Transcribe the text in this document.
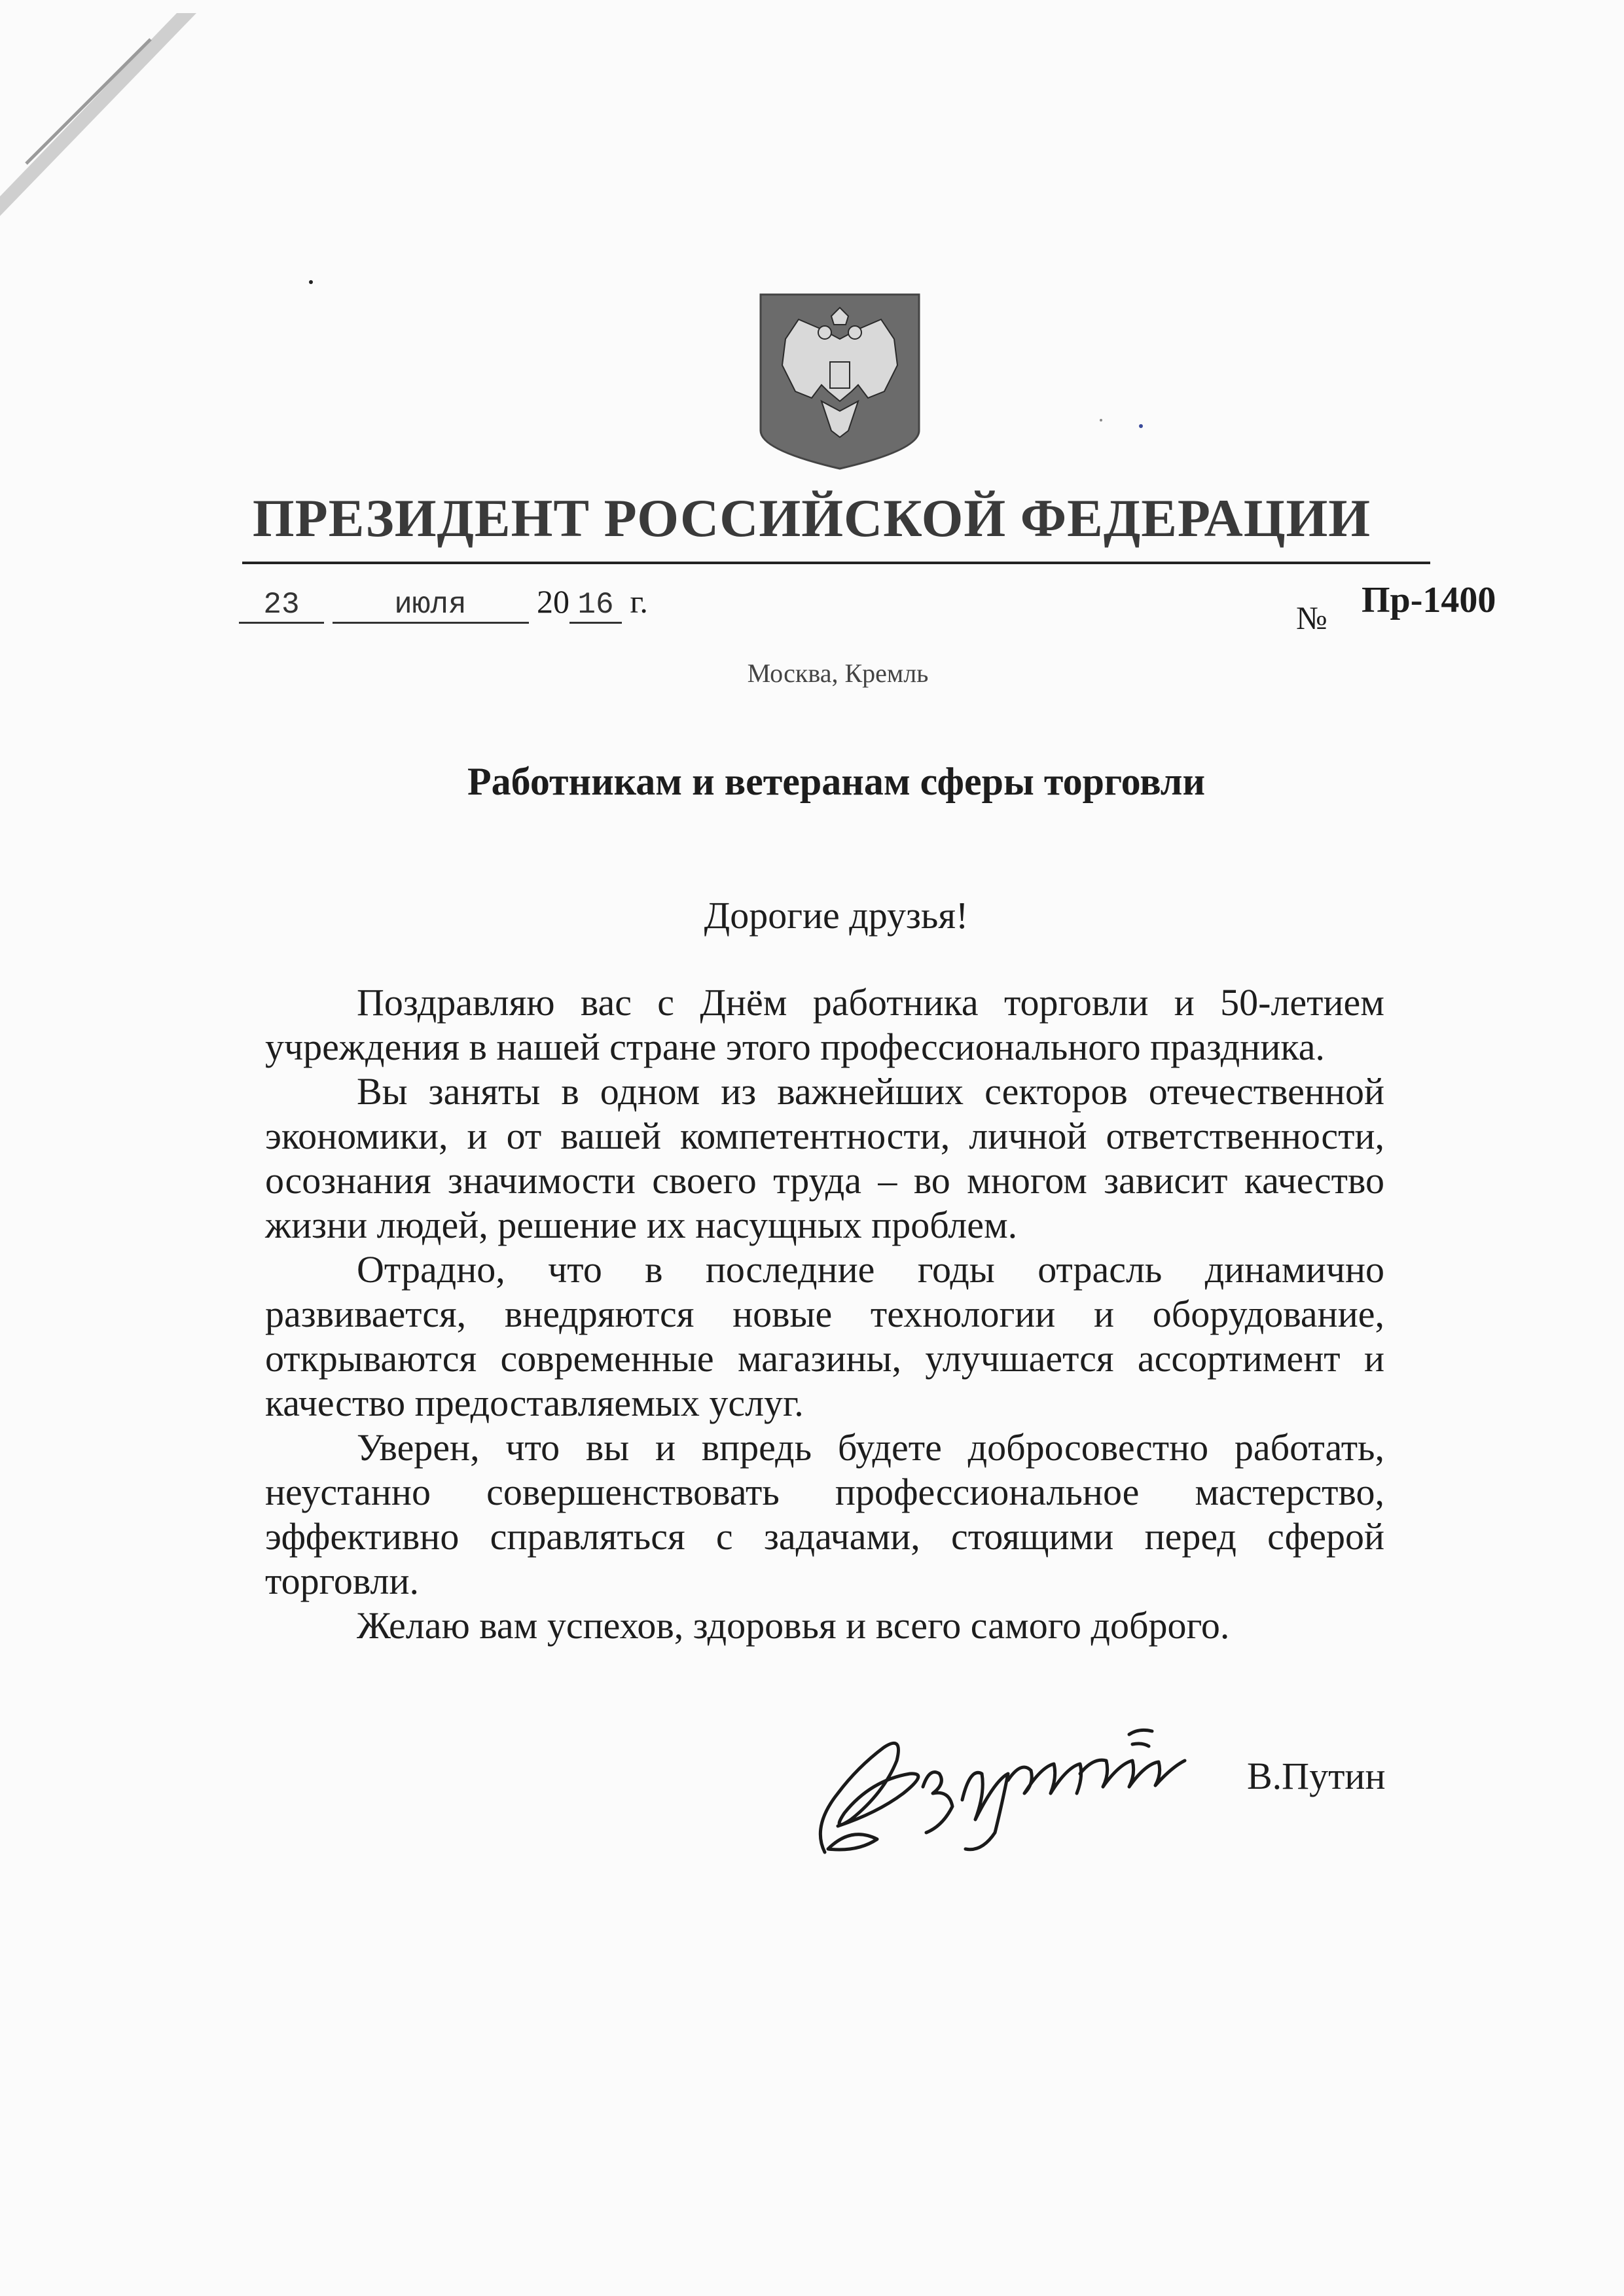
ПРЕЗИДЕНТ РОССИЙСКОЙ ФЕДЕРАЦИИ
23	июля 20 16 г.	№ Пр-1400
Москва, Кремль
Работникам и ветеранам сферы торговли
Дорогие друзья!

Поздравляю вас с Днём работника торговли и 50-летием учреждения в нашей стране этого профессионального праздника.

Вы заняты в одном из важнейших секторов отечественной экономики, и от вашей компетентности, личной ответственности, осознания значимости своего труда – во многом зависит качество жизни людей, решение их насущных проблем.

Отрадно, что в последние годы отрасль динамично развивается, внедряются новые технологии и оборудование, открываются современные магазины, улучшается ассортимент и качество предоставляемых услуг.

Уверен, что вы и впредь будете добросовестно работать, неустанно совершенствовать профессиональное мастерство, эффективно справляться с задачами, стоящими перед сферой торговли.

Желаю вам успехов, здоровья и всего самого доброго.

В.Путин
